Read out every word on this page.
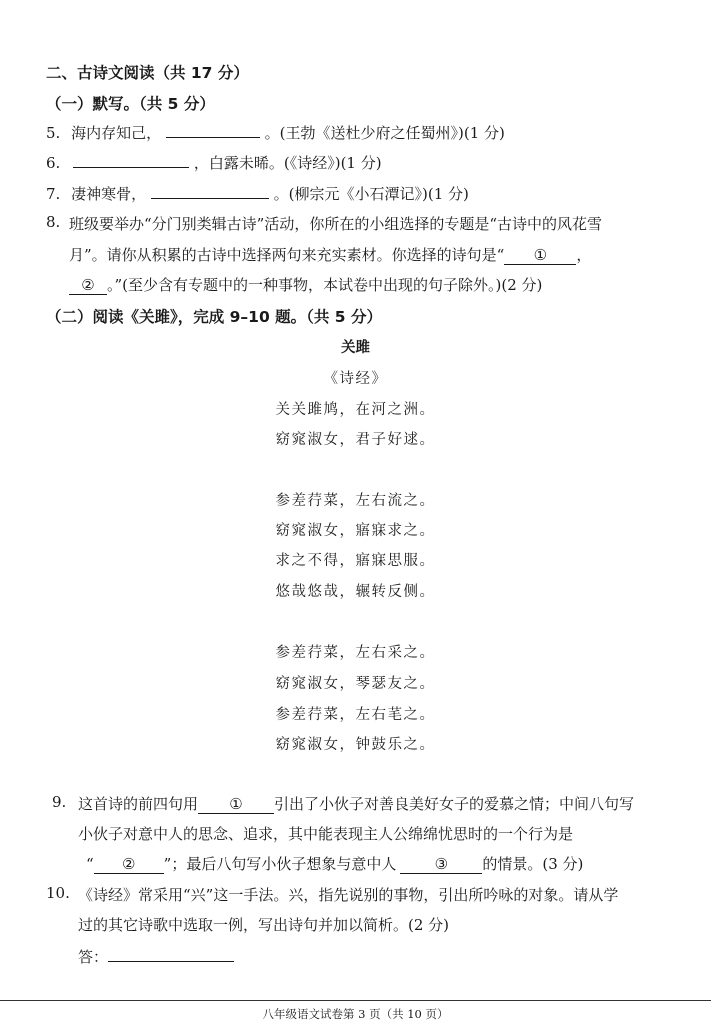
二、古诗文阅读（共 17 分）
（一）默写。（共 5 分）
5. 海内存知己，	。(王勃《送杜少府之任蜀州》)(1 分)
6.	，白露未晞。(《诗经》)(1 分)
7. 凄神寒骨，	。(柳宗元《小石潭记》)(1 分)
8. 班级要举办“分门别类辑古诗”活动，你所在的小组选择的专题是“古诗中的风花雪
月”。请你从积累的古诗中选择两句来充实素材。你选择的诗句是“ ① ，
② 。”(至少含有专题中的一种事物，本试卷中出现的句子除外。)(2 分)
（二）阅读《关雎》，完成 9–10 题。（共 5 分）
关雎
《诗经》
关关雎鸠，在河之洲。
窈窕淑女，君子好逑。
参差荇菜，左右流之。
窈窕淑女，寤寐求之。
求之不得，寤寐思服。
悠哉悠哉，辗转反侧。
参差荇菜，左右采之。
窈窕淑女，琴瑟友之。
参差荇菜，左右芼之。
窈窕淑女，钟鼓乐之。
9. 这首诗的前四句用 ① 引出了小伙子对善良美好女子的爱慕之情；中间八句写
小伙子对意中人的思念、追求，其中能表现主人公绵绵忧思时的一个行为是
“ ② ”；最后八句写小伙子想象与意中人	③ 的情景。(3 分)
10. 《诗经》常采用“兴”这一手法。兴，指先说别的事物，引出所吟咏的对象。请从学
过的其它诗歌中选取一例，写出诗句并加以简析。(2 分)
答：
八年级语文试卷第 3 页（共 10 页）
